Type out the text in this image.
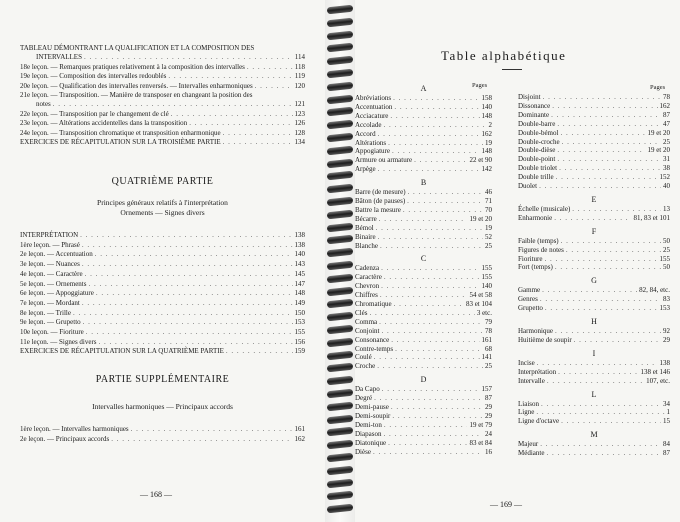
TABLEAU DÉMONTRANT LA QUALIFICATION ET LA COMPOSITION DES
INTERVALLES . . .	114
18e leçon. — Remarques pratiques relativement à la composition des intervalles . . .	118
19e leçon. — Composition des intervalles redoublés . . .	119
20e leçon. — Qualification des intervalles renversés. — Intervalles enharmoniques . . .	120
21e leçon. — Transposition. — Manière de transposer en changeant la position des
notes . . .	121
22e leçon. — Transposition par le changement de clé . . .	123
23e leçon. — Altérations accidentelles dans la transposition . . .	126
24e leçon. — Transposition chromatique et transposition enharmonique . . .	128
EXERCICES DE RÉCAPITULATION SUR LA TROISIÈME PARTIE . . .	134
QUATRIÈME PARTIE
Principes généraux relatifs à l'interprétation
Ornements — Signes divers
INTERPRÉTATION . . .	138
1ère leçon. — Phrasé . . .	138
2e leçon. — Accentuation . . .	140
3e leçon. — Nuances . . .	143
4e leçon. — Caractère . . .	145
5e leçon. — Ornements . . .	147
6e leçon. — Appoggiature . . .	148
7e leçon. — Mordant . . .	149
8e leçon. — Trille . . .	150
9e leçon. — Grupetto . . .	153
10e leçon. — Fioriture . . .	155
11e leçon. — Signes divers . . .	156
EXERCICES DE RÉCAPITULATION SUR LA QUATRIÈME PARTIE . . .	159
PARTIE SUPPLÉMENTAIRE
Intervalles harmoniques — Principaux accords
1ère leçon. — Intervalles harmoniques . . .	161
2e leçon. — Principaux accords . . .	162
— 168 —
Table alphabétique
Pages
A
Abréviations . . .	158
Accentuation . . .	140
Acciacature . . .	148
Accolade . . .	2
Accord . . .	162
Altérations . . .	19
Appogiature . . .	148
Armure ou armature . . .	22 et 90
Arpège . . .	142
B
Barre (de mesure) . . .	46
Bâton (de pauses) . . .	71
Battre la mesure . . .	70
Bécarre . . .	19 et 20
Bémol . . .	19
Binaire . . .	52
Blanche . . .	25
C
Cadenza . . .	155
Caractère . . .	155
Chevron . . .	140
Chiffres . . .	54 et 58
Chromatique . . .	83 et 104
Clés . . .	3 etc.
Comma . . .	79
Conjoint . . .	78
Consonance . . .	161
Contre-temps . . .	68
Coulé . . .	141
Croche . . .	25
D
Da Capo . . .	157
Degré . . .	87
Demi-pause . . .	29
Demi-soupir . . .	29
Demi-ton . . .	19 et 79
Diapason . . .	24
Diatonique . . .	83 et 84
Dièse . . .	16
Pages
Disjoint . . .	78
Dissonance . . .	162
Dominante . . .	87
Double-barre . . .	47
Double-bémol . . .	19 et 20
Double-croche . . .	25
Double-dièse . . .	19 et 20
Double-point . . .	31
Double triolet . . .	38
Double trille . . .	152
Duolet . . .	40
E
Échelle (musicale) . . .	13
Enharmonie . . .	81, 83 et 101
F
Faible (temps) . . .	50
Figures de notes . . .	25
Fioriture . . .	155
Fort (temps) . . .	50
G
Gamme . . .	82, 84, etc.
Genres . . .	83
Grupetto . . .	153
H
Harmonique . . .	92
Huitième de soupir . . .	29
I
Incise . . .	138
Interprétation . . .	138 et 146
Intervalle . . .	107, etc.
L
Liaison . . .	34
Ligne . . .	1
Ligne d'octave . . .	15
M
Majeur . . .	84
Médiante . . .	87
— 169 —
